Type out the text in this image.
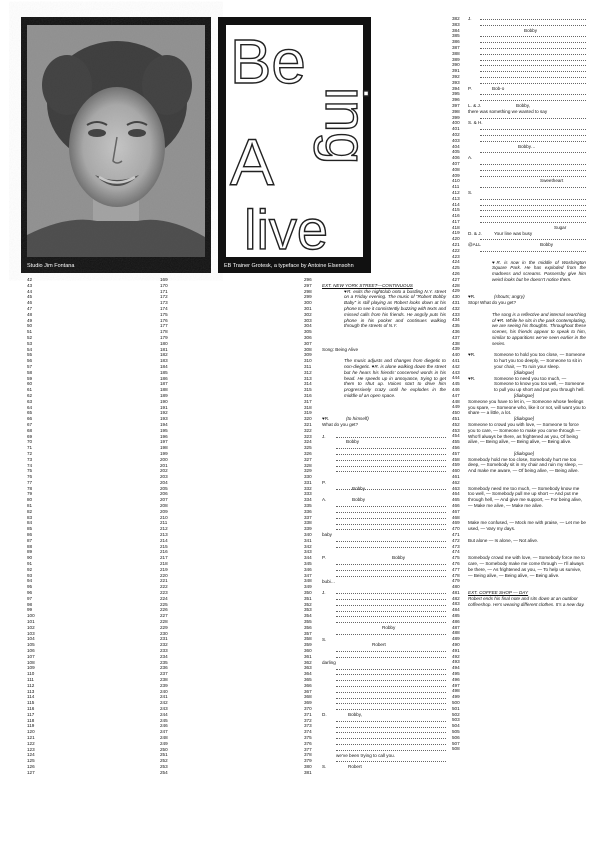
Studio Jim Fontana
Be
ing
A
live
EB Trainer Grotesk, a typeface by Antoine Elsensohn
42
43
44
45
46
47
48
49
50
51
52
53
54
55
56
57
58
59
60
61
62
63
64
65
66
67
68
69
70
71
72
73
74
75
76
77
78
79
80
81
82
83
84
85
86
87
88
89
90
91
92
93
94
95
96
97
98
99
100
101
102
103
104
105
106
107
108
109
110
111
112
113
114
115
116
117
118
119
120
121
122
123
124
125
126
127
169
170
171
172
173
174
175
176
177
178
179
180
181
182
183
184
185
186
187
188
189
190
191
192
193
194
195
196
197
198
199
200
201
202
203
204
205
206
207
208
209
210
211
212
213
214
215
216
217
218
219
220
221
222
223
224
225
226
227
228
229
230
231
232
233
234
235
236
237
238
239
240
241
242
243
244
245
246
247
248
249
250
251
252
253
254
296
297
298
299
300
301
302
303
304
305
306
307
308
309
310
311
312
313
314
315
316
317
318
319
320
321
322
323
324
325
326
327
328
329
330
331
332
333
334
335
336
337
338
339
340
341
342
343
344
345
346
347
348
349
350
351
352
353
354
355
356
357
358
359
360
361
362
363
364
365
366
367
368
369
370
371
372
373
374
375
376
377
378
379
380
381
382
383
384
385
386
387
388
389
390
391
392
393
394
395
396
397
398
399
400
401
402
403
404
405
406
407
408
409
410
411
412
413
414
415
416
417
418
419
420
421
422
423
424
425
426
427
428
429
430
431
432
433
434
435
436
437
438
439
440
441
442
443
444
445
446
447
448
449
450
451
452
453
454
455
456
457
458
459
460
461
462
463
464
465
466
467
468
469
470
471
472
473
474
475
476
477
478
479
480
481
482
483
484
485
486
487
488
489
490
491
492
493
494
495
496
497
498
499
500
501
502
503
504
505
506
507
508
EXT. NEW YORK STREET—CONTINUOUS
♥R. exits the nightclub onto a bustling N.Y. street on a Friday evening. The music of “Robert Bobby Baby” is still playing as Robert looks down at his phone to see it consistently buzzing with texts and missed calls from his friends. He angrily puts his phone in his pocket and continues walking through the streets of N.Y.
Song: Being Alive
The music adjusts and changes from diegetic to non-diegetic. ♥R. is alone walking down the street but he hears his friends’ concerned words in his head. He speeds up in annoyance, trying to get them to shut up. Voices start to drive him progressively crazy until he explodes in the middle of an open space.
♥R.	(to himself)
What do you get?
J.
Bobby
P.
Bobby
A.	Bobby
baby
P.	Bobby
bubi…
J.
Robby
S.
Robert
darling
D.	Bobby,
we’ve been trying to call you.
S.	Robert
J.
Bobby
P.	Bob-o
L. & J.	Bobby,
there was something we wanted to say
S. & H.
Bobby…
A.
Sweetheart
S.
Sugar
D. & J.	Your line was busy
@ALL	Bobby
♥R. is now in the middle of Washington Square Park. He has exploded from the madness and screams. Passersby give him weird looks but he doesn’t notice them.
♥R.	(shouts; angry)
Stop! What do you get?
The song is a reflective and internal searching of ♥R. While he sits in the park contemplating, we are seeing his thoughts. Throughout these scenes, his friends appear to speak to him, similar to apparitions we’ve seen earlier in the series.
♥R.	Someone to hold you too close, — Someone to hurt you too deeply, — Someone to sit in your chair, — To ruin your sleep.
[dialogue]
♥R.	Someone to need you too much, — Someone to know you too well, — Someone to pull you up short and put you through hell.
[dialogue]
Someone you have to let in, — Someone whose feelings you spare, — Someone who, like it or not, will want you to share — a little, a lot.
[dialogue]
Someone to crowd you with love, — Someone to force you to care, — Someone to make you come through — Who’ll always be there, as frightened as you, Of being alive, — Being alive, — Being alive, — Being alive.
[dialogue]
Somebody hold me too close, Somebody hurt me too deep, — Somebody sit in my chair and ruin my sleep, — And make me aware, — Of being alive, — Being alive.
Somebody need me too much, — Somebody know me too well, — Somebody pull me up short — And put me through hell, — And give me support, — For being alive, — Make me alive, — Make me alive.
Make me confused, — Mock me with praise, — Let me be used, — Vary my days.
But alone — Is alone, — Not alive.
Somebody crowd me with love, — Somebody force me to care, — Somebody make me come through — I’ll always be there, — As frightened as you, — To help us survive, — Being alive, — Being alive, — Being alive.
EXT. COFFEE SHOP — DAY
Robert ends his final note and sits down at an outdoor coffeeshop. He’s wearing different clothes. It’s a new day.
